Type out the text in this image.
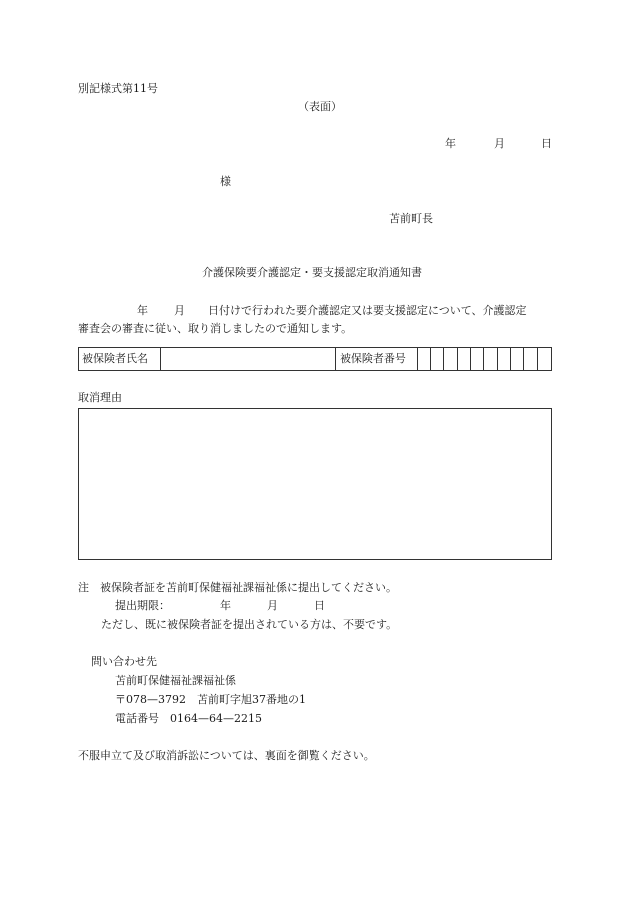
別記様式第11号
（表面）
年	月	日
様
苫前町長
介護保険要介護認定・要支援認定取消通知書
年 月 日付けで行われた要介護認定又は要支援認定について、介護認定
審査会の審査に従い、取り消しましたので通知します。
被保険者氏名	被保険者番号
取消理由
注　被保険者証を苫前町保健福祉課福祉係に提出してください。
提出期限：	年	月	日
ただし、既に被保険者証を提出されている方は、不要です。
問い合わせ先
苫前町保健福祉課福祉係
〒078—3792　苫前町字旭37番地の1
電話番号　0164—64—2215
不服申立て及び取消訴訟については、裏面を御覧ください。
